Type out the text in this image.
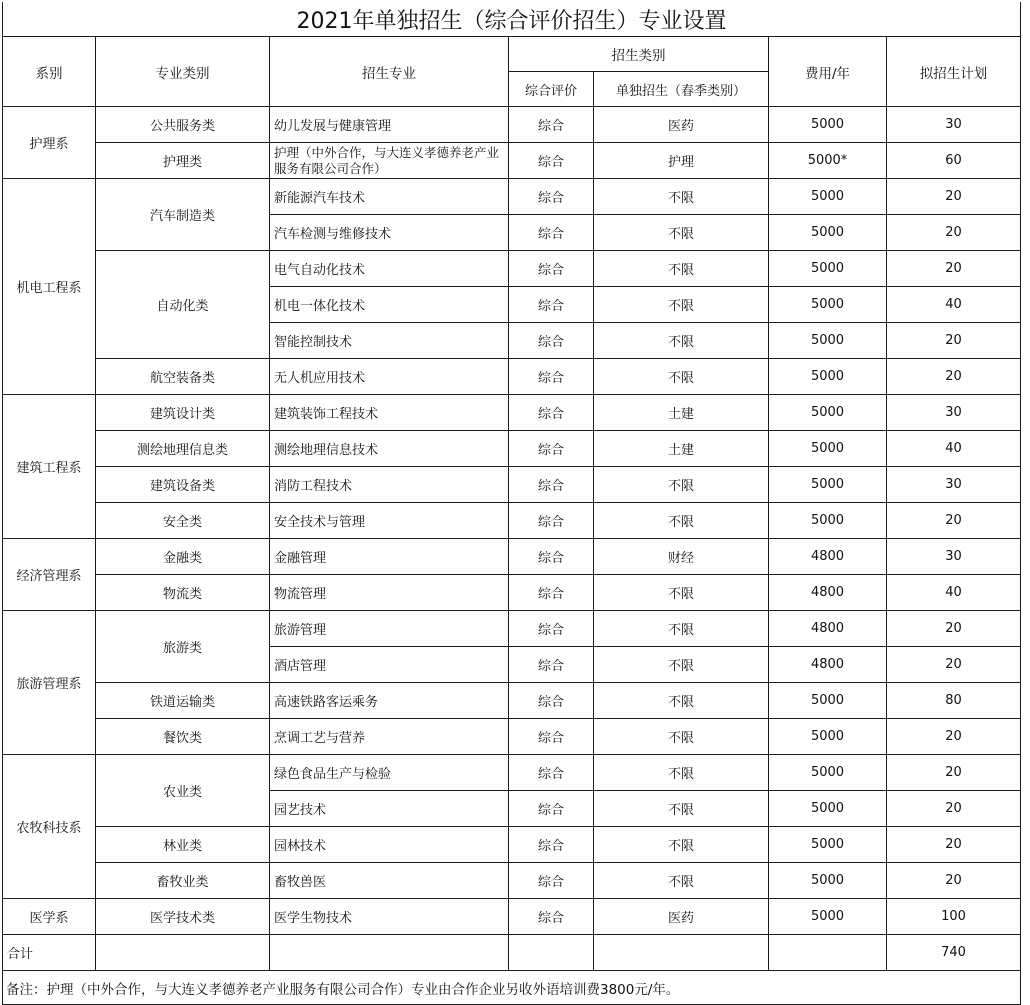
2021年单独招生（综合评价招生）专业设置						
系别	专业类别	招生专业	招生类别		费用/年	拟招生计划
			综合评价	单独招生（春季类别）		
护理系	公共服务类	幼儿发展与健康管理	综合	医药	5000	30
	护理类	护理（中外合作，与大连义孝德养老产业服务有限公司合作）	综合	护理	5000*	60
机电工程系	汽车制造类	新能源汽车技术	综合	不限	5000	20
		汽车检测与维修技术	综合	不限	5000	20
	自动化类	电气自动化技术	综合	不限	5000	20
		机电一体化技术	综合	不限	5000	40
		智能控制技术	综合	不限	5000	20
	航空装备类	无人机应用技术	综合	不限	5000	20
建筑工程系	建筑设计类	建筑装饰工程技术	综合	土建	5000	30
	测绘地理信息类	测绘地理信息技术	综合	土建	5000	40
	建筑设备类	消防工程技术	综合	不限	5000	30
	安全类	安全技术与管理	综合	不限	5000	20
经济管理系	金融类	金融管理	综合	财经	4800	30
	物流类	物流管理	综合	不限	4800	40
旅游管理系	旅游类	旅游管理	综合	不限	4800	20
		酒店管理	综合	不限	4800	20
	铁道运输类	高速铁路客运乘务	综合	不限	5000	80
	餐饮类	烹调工艺与营养	综合	不限	5000	20
农牧科技系	农业类	绿色食品生产与检验	综合	不限	5000	20
		园艺技术	综合	不限	5000	20
	林业类	园林技术	综合	不限	5000	20
	畜牧业类	畜牧兽医	综合	不限	5000	20
医学系	医学技术类	医学生物技术	综合	医药	5000	100
合计						740
备注：护理（中外合作，与大连义孝德养老产业服务有限公司合作）专业由合作企业另收外语培训费3800元/年。						
